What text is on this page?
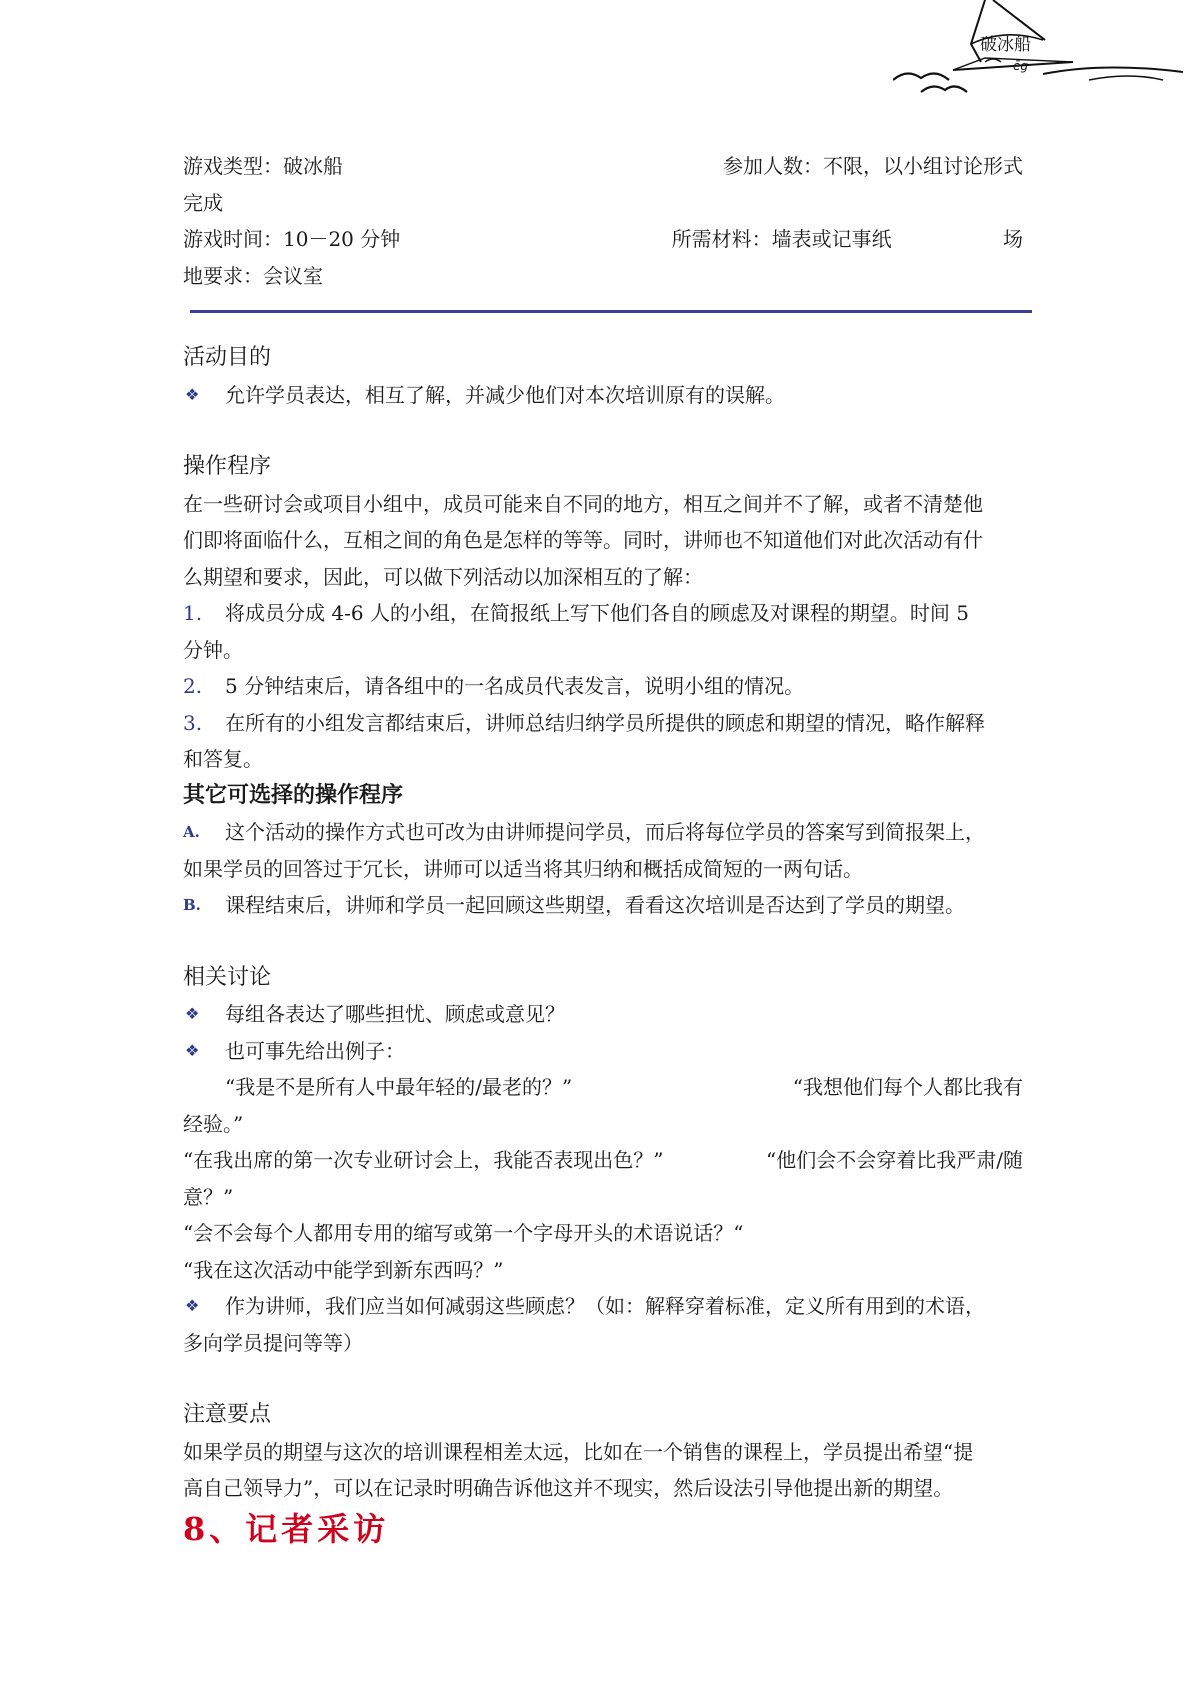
破冰船
ēg
游戏类型：破冰船	参加人数：不限，以小组讨论形式
完成
游戏时间：10－20 分钟	所需材料：墙表或记事纸	场
地要求：会议室
活动目的
❖ 允许学员表达，相互了解，并减少他们对本次培训原有的误解。
操作程序
在一些研讨会或项目小组中，成员可能来自不同的地方，相互之间并不了解，或者不清楚他
们即将面临什么，互相之间的角色是怎样的等等。同时，讲师也不知道他们对此次活动有什
么期望和要求，因此，可以做下列活动以加深相互的了解：
1. 将成员分成 4-6 人的小组，在简报纸上写下他们各自的顾虑及对课程的期望。时间 5
分钟。
2. 5 分钟结束后，请各组中的一名成员代表发言，说明小组的情况。
3. 在所有的小组发言都结束后，讲师总结归纳学员所提供的顾虑和期望的情况，略作解释
和答复。
其它可选择的操作程序
A. 这个活动的操作方式也可改为由讲师提问学员，而后将每位学员的答案写到简报架上，
如果学员的回答过于冗长，讲师可以适当将其归纳和概括成简短的一两句话。
B. 课程结束后，讲师和学员一起回顾这些期望，看看这次培训是否达到了学员的期望。
相关讨论
❖ 每组各表达了哪些担忧、顾虑或意见？
❖ 也可事先给出例子：
“我是不是所有人中最年轻的/最老的？”	“我想他们每个人都比我有
经验。”
“在我出席的第一次专业研讨会上，我能否表现出色？”	“他们会不会穿着比我严肃/随
意？”
“会不会每个人都用专用的缩写或第一个字母开头的术语说话？“
“我在这次活动中能学到新东西吗？”
❖ 作为讲师，我们应当如何减弱这些顾虑？（如：解释穿着标准，定义所有用到的术语，
多向学员提问等等）
注意要点
如果学员的期望与这次的培训课程相差太远，比如在一个销售的课程上，学员提出希望“提
高自己领导力”，可以在记录时明确告诉他这并不现实，然后设法引导他提出新的期望。
8、记者采访
